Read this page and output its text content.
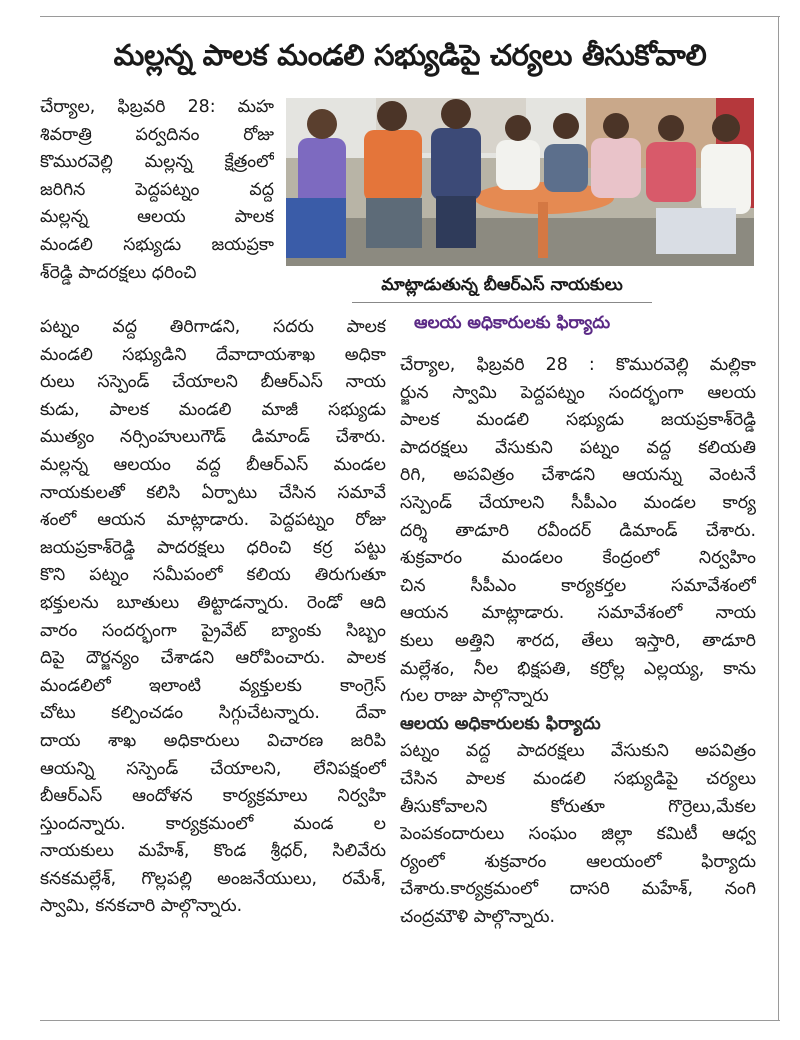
మల్లన్న పాలక మండలి సభ్యుడిపై చర్యలు తీసుకోవాలి
చేర్యాల, ఫిబ్రవరి 28: మహ
శివరాత్రి పర్వదినం రోజు
కొమురవెల్లి మల్లన్న క్షేత్రంలో
జరిగిన పెద్దపట్నం వద్ద
మల్లన్న ఆలయ పాలక
మండలి సభ్యుడు జయప్రకా
శ్‌రెడ్డి పాదరక్షలు ధరించి
మాట్లాడుతున్న బీఆర్ఎస్ నాయకులు
ఆలయ అధికారులకు ఫిర్యాదు
పట్నం వద్ద తిరిగాడని, సదరు పాలక
మండలి సభ్యుడిని దేవాదాయశాఖ అధికా
రులు సస్పెండ్ చేయాలని బీఆర్ఎస్ నాయ
కుడు, పాలక మండలి మాజీ సభ్యుడు
ముత్యం నర్సింహులుగౌడ్ డిమాండ్ చేశారు.
మల్లన్న ఆలయం వద్ద బీఆర్ఎస్ మండల
నాయకులతో కలిసి ఏర్పాటు చేసిన సమావే
శంలో ఆయన మాట్లాడారు. పెద్దపట్నం రోజు
జయప్రకాశ్‌రెడ్డి పాదరక్షలు ధరించి కర్ర పట్టు
కొని పట్నం సమీపంలో కలియ తిరుగుతూ
భక్తులను బూతులు తిట్టాడన్నారు. రెండో ఆది
వారం సందర్భంగా ప్రైవేట్ బ్యాంకు సిబ్బం
దిపై దౌర్జన్యం చేశాడని ఆరోపించారు. పాలక
మండలిలో ఇలాంటి వ్యక్తులకు కాంగ్రెస్
చోటు కల్పించడం సిగ్గుచేటన్నారు. దేవా
దాయ శాఖ అధికారులు విచారణ జరిపి
ఆయన్ని సస్పెండ్ చేయాలని, లేనిపక్షంలో
బీఆర్ఎస్ ఆందోళన కార్యక్రమాలు నిర్వహి
స్తుందన్నారు. కార్యక్రమంలో మండ ల
నాయకులు మహేశ్, కొండ శ్రీధర్, సిలివేరు
కనకమల్లేశ్, గొల్లపల్లి అంజనేయులు, రమేశ్,
స్వామి, కనకచారి పాల్గొన్నారు.
చేర్యాల, ఫిబ్రవరి 28 : కొమురవెల్లి మల్లికా
ర్జున స్వామి పెద్దపట్నం సందర్భంగా ఆలయ
పాలక మండలి సభ్యుడు జయప్రకాశ్‌రెడ్డి
పాదరక్షలు వేసుకుని పట్నం వద్ద కలియతి
రిగి, అపవిత్రం చేశాడని ఆయన్ను వెంటనే
సస్పెండ్ చేయాలని సీపీఎం మండల కార్య
దర్శి తాడూరి రవీందర్ డిమాండ్ చేశారు.
శుక్రవారం మండలం కేంద్రంలో నిర్వహిం
చిన సీపీఎం కార్యకర్తల సమావేశంలో
ఆయన మాట్లాడారు. సమావేశంలో నాయ
కులు అత్తిని శారద, తేలు ఇస్తారి, తాడూరి
మల్లేశం, నీల భిక్షపతి, కర్రోల్ల ఎల్లయ్య, కాను
గుల రాజు పాల్గొన్నారు
ఆలయ అధికారులకు ఫిర్యాదు
పట్నం వద్ద పాదరక్షలు వేసుకుని అపవిత్రం
చేసిన పాలక మండలి సభ్యుడిపై చర్యలు
తీసుకోవాలని కోరుతూ గొర్రెలు,మేకల
పెంపకందారులు సంఘం జిల్లా కమిటీ ఆధ్వ
ర్యంలో శుక్రవారం ఆలయంలో ఫిర్యాదు
చేశారు.కార్యక్రమంలో దాసరి మహేశ్, నంగి
చంద్రమౌళి పాల్గొన్నారు.
